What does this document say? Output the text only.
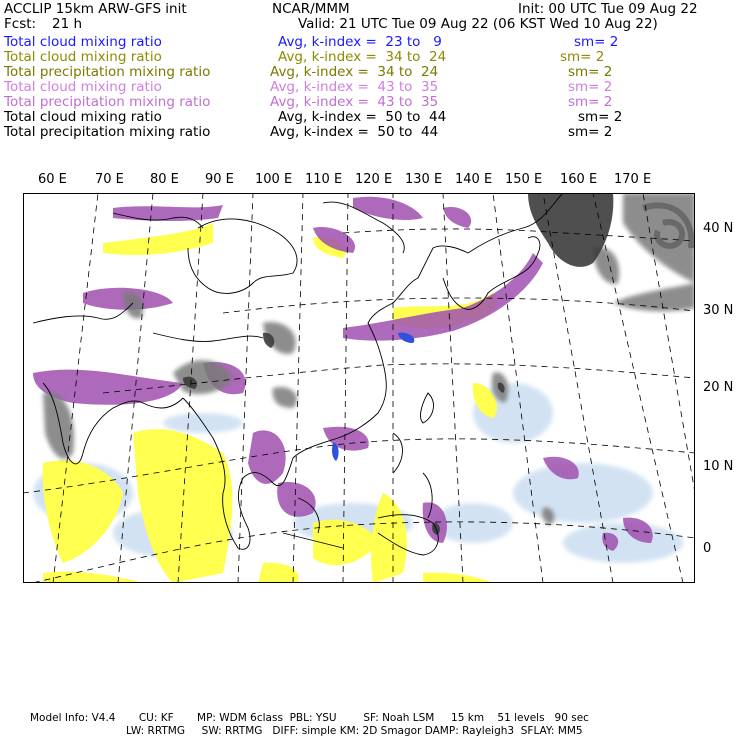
ACCLIP 15km ARW-GFS init	NCAR/MMM	Init: 00 UTC Tue 09 Aug 22
Fcst: 21 h	Valid: 21 UTC Tue 09 Aug 22 (06 KST Wed 10 Aug 22)
Total cloud mixing ratio	Avg, k-index =  23 to   9	sm= 2
Total cloud mixing ratio	Avg, k-index =  34 to  24	sm= 2
Total precipitation mixing ratio	Avg, k-index =  34 to  24	sm= 2
Total cloud mixing ratio	Avg, k-index =  43 to  35	sm= 2
Total precipitation mixing ratio	Avg, k-index =  43 to  35	sm= 2
Total cloud mixing ratio	Avg, k-index =  50 to  44	sm= 2
Total precipitation mixing ratio	Avg, k-index =  50 to  44	sm= 2
60 E 70 E 80 E 90 E 100 E 110 E 120 E 130 E 140 E 150 E 160 E 170 E
40 N
30 N
20 N
10 N
0
Model Info: V4.4       CU: KF       MP: WDM 6class  PBL: YSU        SF: Noah LSM     15 km    51 levels   90 sec
LW: RRTMG     SW: RRTMG   DIFF: simple KM: 2D Smagor DAMP: Rayleigh3  SFLAY: MM5
